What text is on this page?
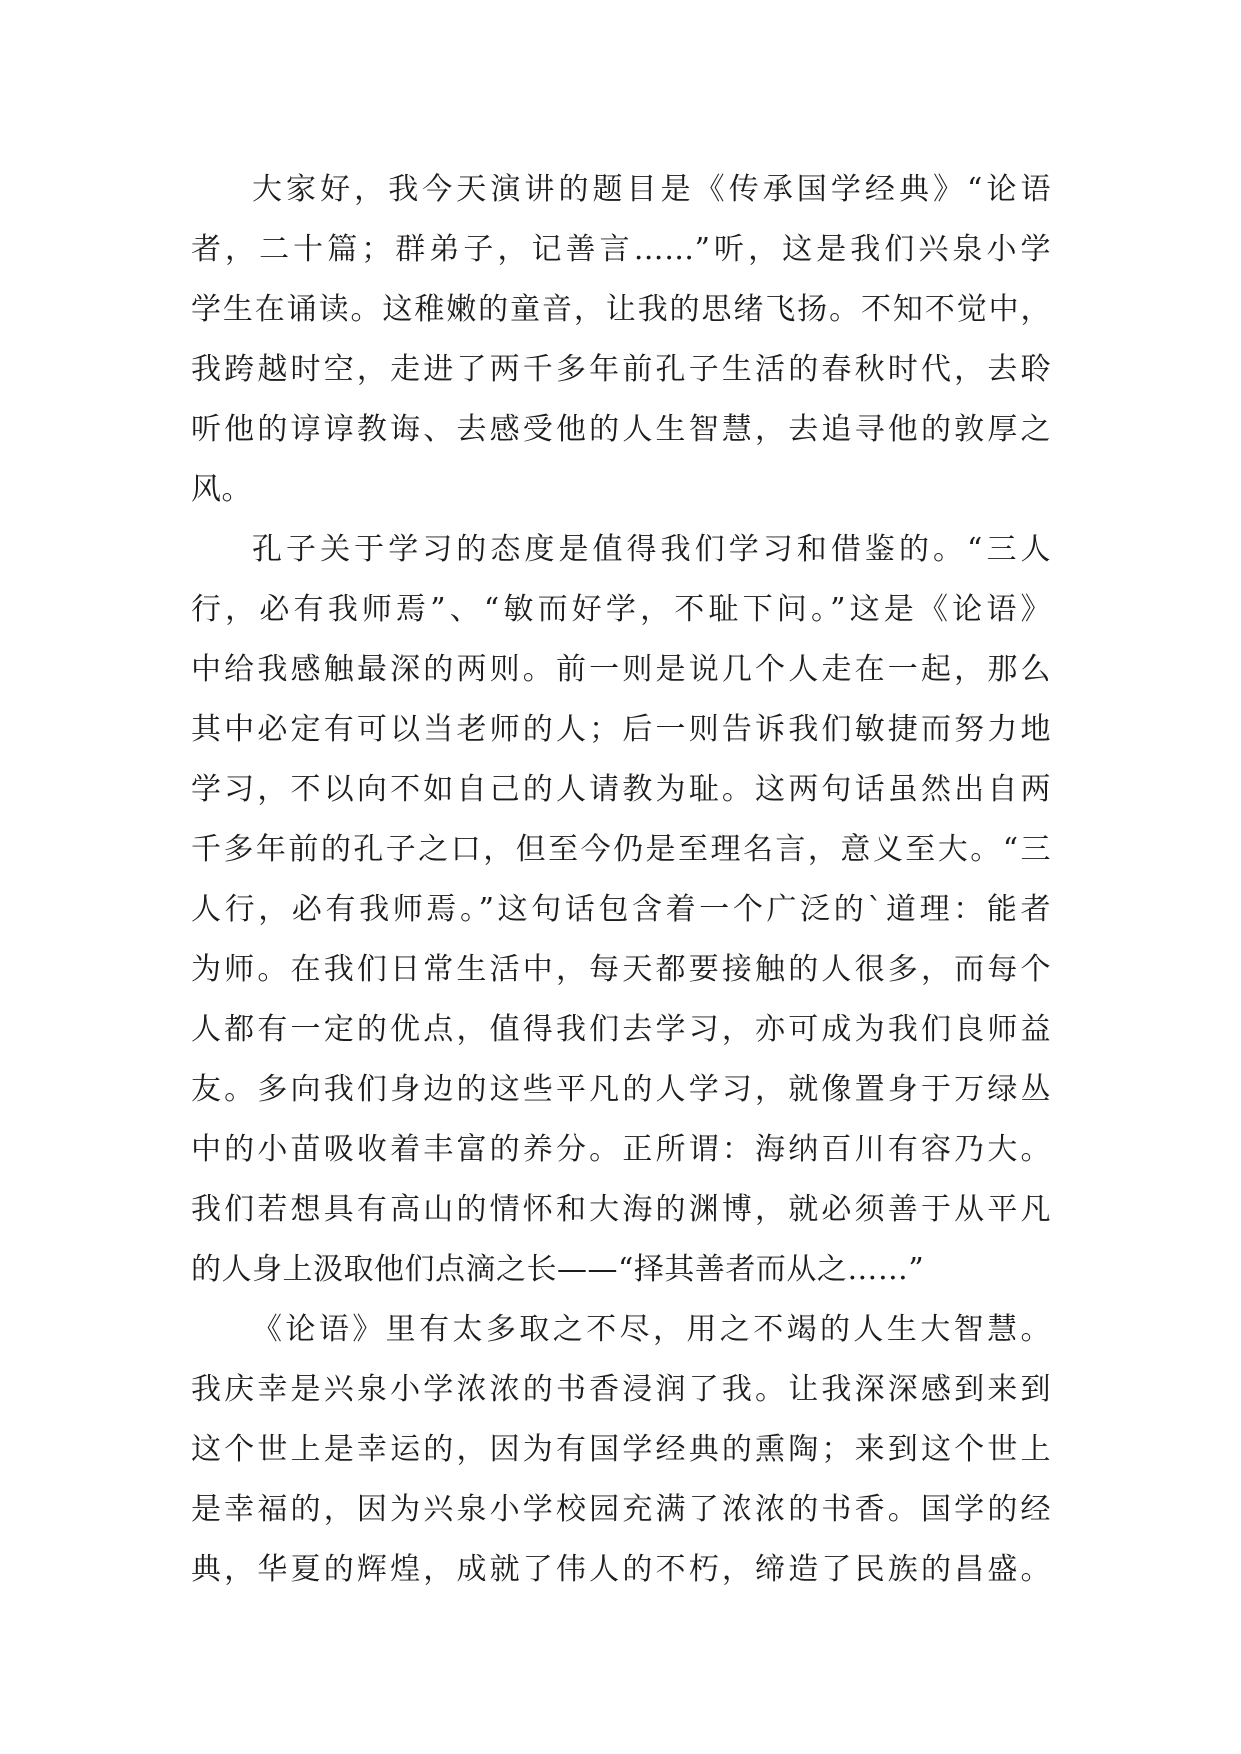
大家好，我今天演讲的题目是《传承国学经典》“论语
者，二十篇；群弟子，记善言……”听，这是我们兴泉小学
学生在诵读。这稚嫩的童音，让我的思绪飞扬。不知不觉中，
我跨越时空，走进了两千多年前孔子生活的春秋时代，去聆
听他的谆谆教诲、去感受他的人生智慧，去追寻他的敦厚之
风。
孔子关于学习的态度是值得我们学习和借鉴的。“三人
行，必有我师焉”、“敏而好学，不耻下问。”这是《论语》
中给我感触最深的两则。前一则是说几个人走在一起，那么
其中必定有可以当老师的人；后一则告诉我们敏捷而努力地
学习，不以向不如自己的人请教为耻。这两句话虽然出自两
千多年前的孔子之口，但至今仍是至理名言，意义至大。“三
人行，必有我师焉。”这句话包含着一个广泛的`道理：能者
为师。在我们日常生活中，每天都要接触的人很多，而每个
人都有一定的优点，值得我们去学习，亦可成为我们良师益
友。多向我们身边的这些平凡的人学习，就像置身于万绿丛
中的小苗吸收着丰富的养分。正所谓：海纳百川有容乃大。
我们若想具有高山的情怀和大海的渊博，就必须善于从平凡
的人身上汲取他们点滴之长——“择其善者而从之……”
《论语》里有太多取之不尽，用之不竭的人生大智慧。
我庆幸是兴泉小学浓浓的书香浸润了我。让我深深感到来到
这个世上是幸运的，因为有国学经典的熏陶；来到这个世上
是幸福的，因为兴泉小学校园充满了浓浓的书香。国学的经
典，华夏的辉煌，成就了伟人的不朽，缔造了民族的昌盛。
